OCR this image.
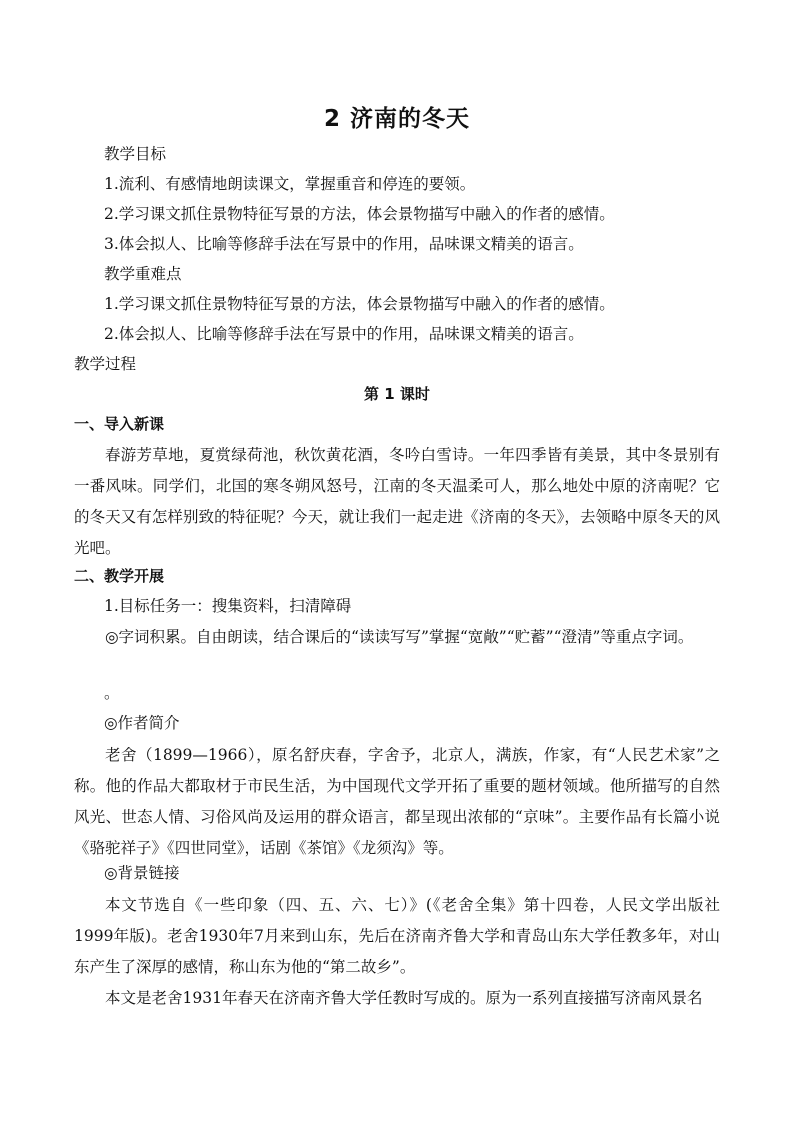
2 济南的冬天
教学目标
1.流利、有感情地朗读课文，掌握重音和停连的要领。
2.学习课文抓住景物特征写景的方法，体会景物描写中融入的作者的感情。
3.体会拟人、比喻等修辞手法在写景中的作用，品味课文精美的语言。
教学重难点
1.学习课文抓住景物特征写景的方法，体会景物描写中融入的作者的感情。
2.体会拟人、比喻等修辞手法在写景中的作用，品味课文精美的语言。
教学过程
第 1 课时
一、导入新课
春游芳草地，夏赏绿荷池，秋饮黄花酒，冬吟白雪诗。一年四季皆有美景，其中冬景别有一番风味。同学们，北国的寒冬朔风怒号，江南的冬天温柔可人，那么地处中原的济南呢？它的冬天又有怎样别致的特征呢？今天，就让我们一起走进《济南的冬天》，去领略中原冬天的风光吧。
二、教学开展
1.目标任务一：搜集资料，扫清障碍
◎字词积累。自由朗读，结合课后的“读读写写”掌握“宽敞”“贮蓄”“澄清”等重点字词。
。
◎作者简介
老舍（1899—1966），原名舒庆春，字舍予，北京人，满族，作家，有“人民艺术家”之称。他的作品大都取材于市民生活，为中国现代文学开拓了重要的题材领域。他所描写的自然风光、世态人情、习俗风尚及运用的群众语言，都呈现出浓郁的“京味”。主要作品有长篇小说《骆驼祥子》《四世同堂》，话剧《茶馆》《龙须沟》等。
◎背景链接
本文节选自《一些印象（四、五、六、七）》(《老舍全集》第十四卷，人民文学出版社1999年版)。老舍1930年7月来到山东，先后在济南齐鲁大学和青岛山东大学任教多年，对山东产生了深厚的感情，称山东为他的“第二故乡”。
本文是老舍1931年春天在济南齐鲁大学任教时写成的。原为一系列直接描写济南风景名
